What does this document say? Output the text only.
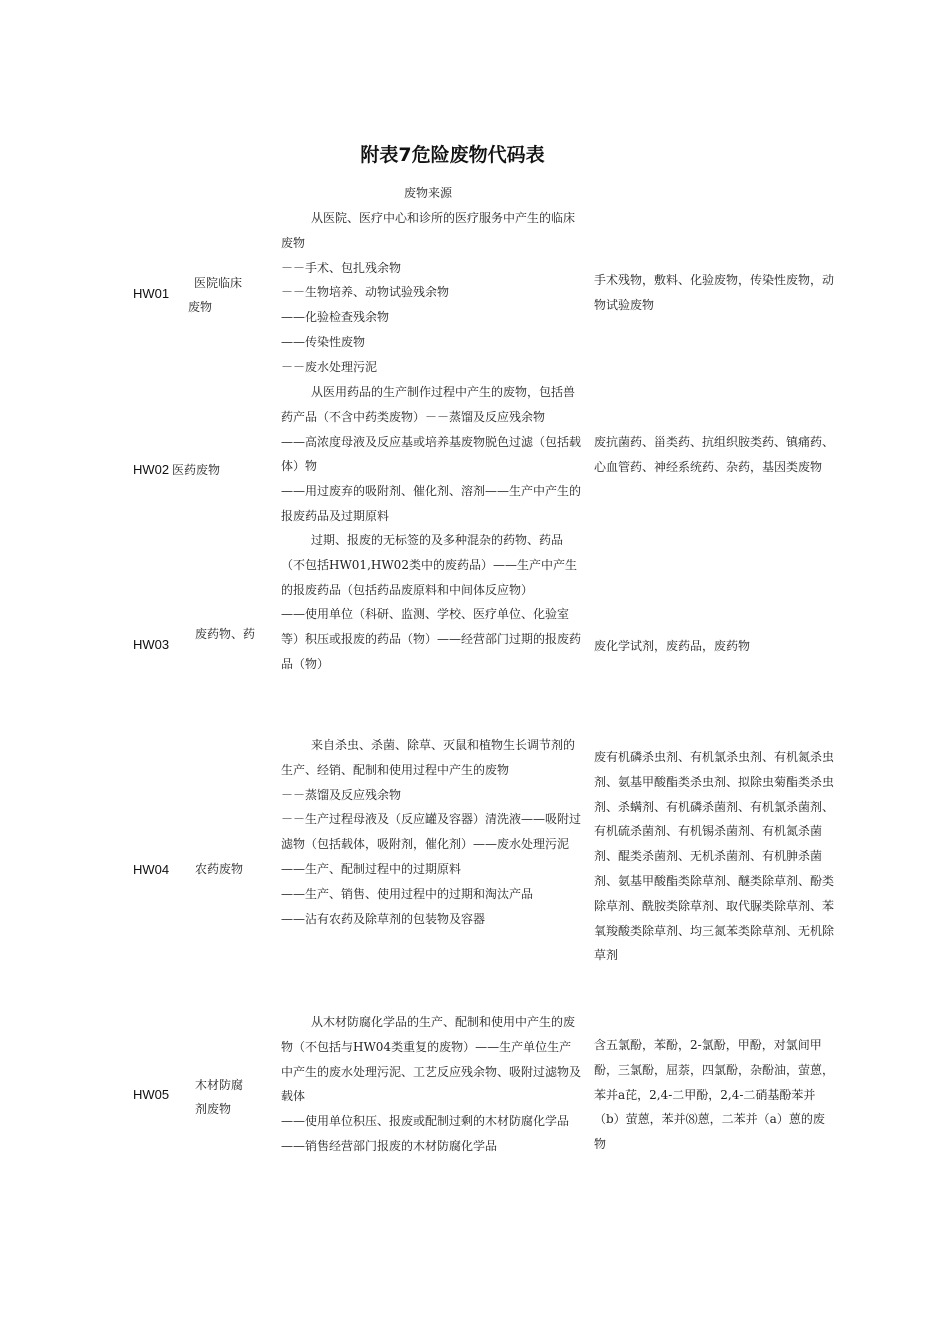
附表7危险废物代码表
废物来源
HW01
医院临床
废物

从医院、医疗中心和诊所的医疗服务中产生的临床废物

－－手术、包扎残余物

－－生物培养、动物试验残余物

——化验检查残余物

——传染性废物

－－废水处理污泥

手术残物，敷料、化验废物，传染性废物，动物试验废物
HW02 医药废物

从医用药品的生产制作过程中产生的废物，包括兽药产品（不含中药类废物）－－蒸馏及反应残余物

——高浓度母液及反应基或培养基废物脱色过滤（包括载体）物

——用过废弃的吸附剂、催化剂、溶剂——生产中产生的报废药品及过期原料

废抗菌药、甾类药、抗组织胺类药、镇痛药、心血管药、神经系统药、杂药，基因类废物
HW03
废药物、药

过期、报废的无标签的及多种混杂的药物、药品（不包括HW01,HW02类中的废药品）——生产中产生的报废药品（包括药品废原料和中间体反应物）

——使用单位（科研、监测、学校、医疗单位、化验室等）积压或报废的药品（物）——经营部门过期的报废药品（物）

废化学试剂，废药品，废药物
HW04 农药废物

来自杀虫、杀菌、除草、灭鼠和植物生长调节剂的生产、经销、配制和使用过程中产生的废物

－－蒸馏及反应残余物

－－生产过程母液及（反应罐及容器）清洗液——吸附过滤物（包括载体，吸附剂，催化剂）——废水处理污泥

——生产、配制过程中的过期原料

——生产、销售、使用过程中的过期和淘汰产品

——沾有农药及除草剂的包装物及容器

废有机磷杀虫剂、有机氯杀虫剂、有机氮杀虫剂、氨基甲酸酯类杀虫剂、拟除虫菊酯类杀虫剂、杀螨剂、有机磷杀菌剂、有机氯杀菌剂、有机硫杀菌剂、有机锡杀菌剂、有机氮杀菌剂、醌类杀菌剂、无机杀菌剂、有机胂杀菌剂、氨基甲酸酯类除草剂、醚类除草剂、酚类除草剂、酰胺类除草剂、取代脲类除草剂、苯氧羧酸类除草剂、均三氮苯类除草剂、无机除草剂
HW05
木材防腐
剂废物

从木材防腐化学品的生产、配制和使用中产生的废物（不包括与HW04类重复的废物）——生产单位生产中产生的废水处理污泥、工艺反应残余物、吸附过滤物及载体

——使用单位积压、报废或配制过剩的木材防腐化学品

——销售经营部门报废的木材防腐化学品

含五氯酚，苯酚，2-氯酚，甲酚，对氯间甲酚，三氯酚，屈萘，四氯酚，杂酚油，萤蒽，苯并a芘，2,4-二甲酚，2,4-二硝基酚苯并（b）萤蒽，苯并⑻蒽，二苯并（a）蒽的废物
